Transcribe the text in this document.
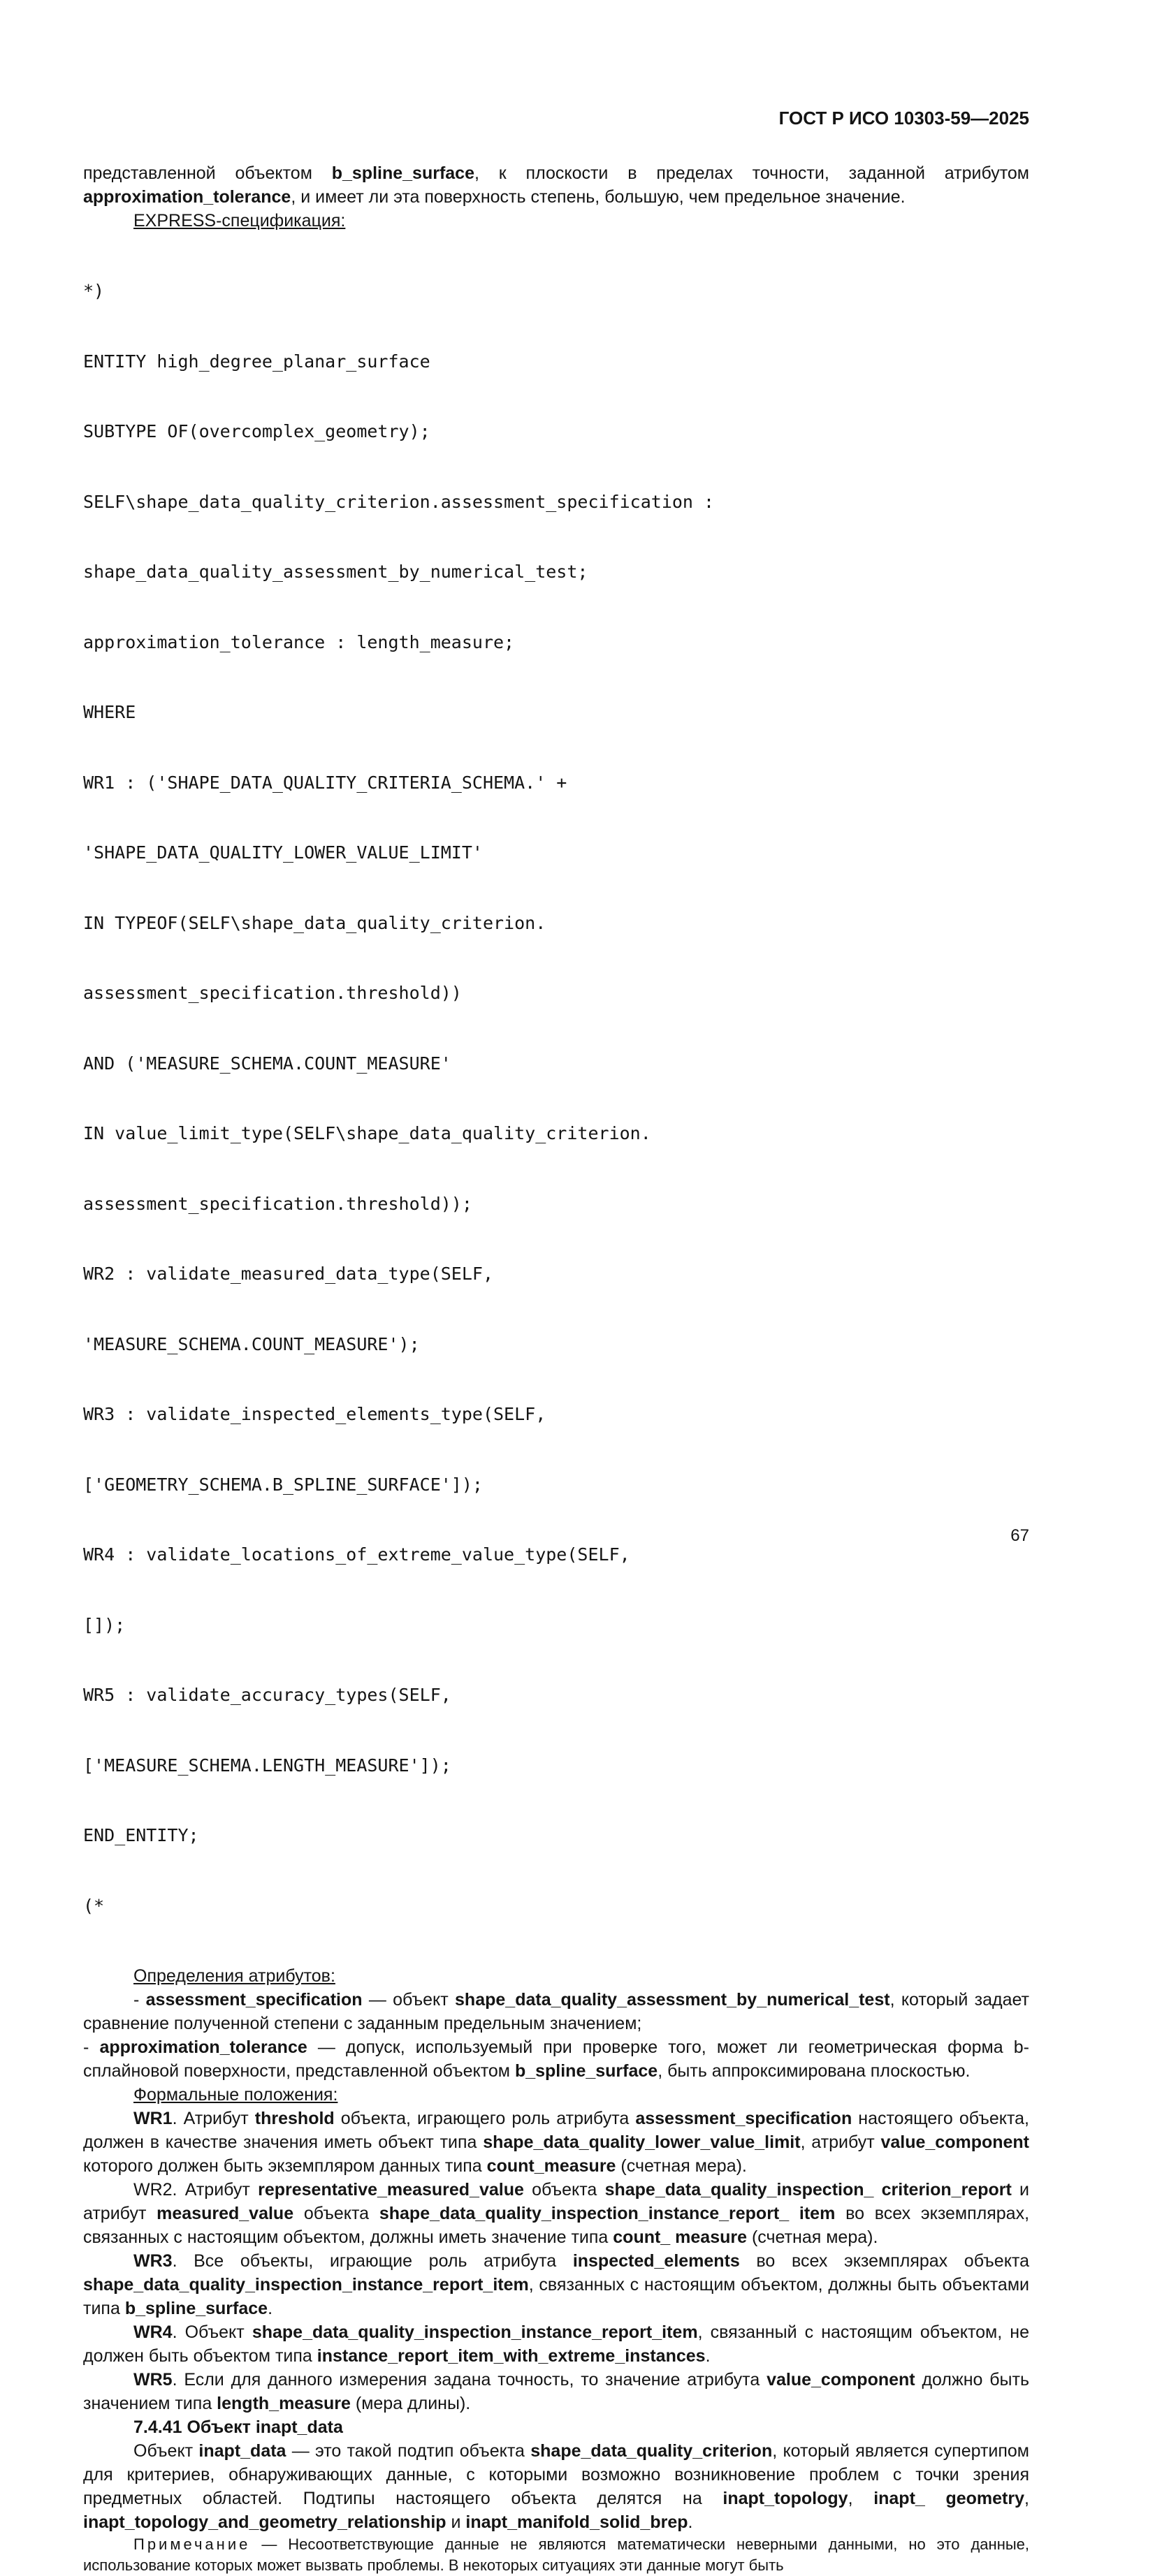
ГОСТ Р ИСО 10303-59—2025

представленной объектом b_spline_surface, к плоскости в пределах точности, заданной атрибутом approximation_tolerance, и имеет ли эта поверхность степень, большую, чем предельное значение.

EXPRESS-спецификация:

*)

ENTITY high_degree_planar_surface

SUBTYPE OF(overcomplex_geometry);

SELF\shape_data_quality_criterion.assessment_specification :

shape_data_quality_assessment_by_numerical_test;

approximation_tolerance : length_measure;

WHERE

WR1 : ('SHAPE_DATA_QUALITY_CRITERIA_SCHEMA.' +

'SHAPE_DATA_QUALITY_LOWER_VALUE_LIMIT'

IN TYPEOF(SELF\shape_data_quality_criterion.

assessment_specification.threshold))

AND ('MEASURE_SCHEMA.COUNT_MEASURE'

IN value_limit_type(SELF\shape_data_quality_criterion.

assessment_specification.threshold));

WR2 : validate_measured_data_type(SELF,

'MEASURE_SCHEMA.COUNT_MEASURE');

WR3 : validate_inspected_elements_type(SELF,

['GEOMETRY_SCHEMA.B_SPLINE_SURFACE']);

WR4 : validate_locations_of_extreme_value_type(SELF,

[]);

WR5 : validate_accuracy_types(SELF,

['MEASURE_SCHEMA.LENGTH_MEASURE']);

END_ENTITY;

(*

Определения атрибутов:

- assessment_specification — объект shape_data_quality_assessment_by_numerical_test, который задает сравнение полученной степени с заданным предельным значением;

- approximation_tolerance — допуск, используемый при проверке того, может ли геометрическая форма b-сплайновой поверхности, представленной объектом b_spline_surface, быть аппроксимирована плоскостью.

Формальные положения:

WR1. Атрибут threshold объекта, играющего роль атрибута assessment_specification настоящего объекта, должен в качестве значения иметь объект типа shape_data_quality_lower_value_limit, атрибут value_component которого должен быть экземпляром данных типа count_measure (счетная мера).

WR2. Атрибут representative_measured_value объекта shape_data_quality_inspection_ criterion_report и атрибут measured_value объекта shape_data_quality_inspection_instance_report_ item во всех экземплярах, связанных с настоящим объектом, должны иметь значение типа count_ measure (счетная мера).

WR3. Все объекты, играющие роль атрибута inspected_elements во всех экземплярах объекта shape_data_quality_inspection_instance_report_item, связанных с настоящим объектом, должны быть объектами типа b_spline_surface.

WR4. Объект shape_data_quality_inspection_instance_report_item, связанный с настоящим объектом, не должен быть объектом типа instance_report_item_with_extreme_instances.

WR5. Если для данного измерения задана точность, то значение атрибута value_component должно быть значением типа length_measure (мера длины).

7.4.41 Объект inapt_data

Объект inapt_data — это такой подтип объекта shape_data_quality_criterion, который является супертипом для критериев, обнаруживающих данные, с которыми возможно возникновение проблем с точки зрения предметных областей. Подтипы настоящего объекта делятся на inapt_topology, inapt_ geometry, inapt_topology_and_geometry_relationship и inapt_manifold_solid_brep.

Примечание — Несоответствующие данные не являются математически неверными данными, но это данные, использование которых может вызвать проблемы. В некоторых ситуациях эти данные могут быть

67
